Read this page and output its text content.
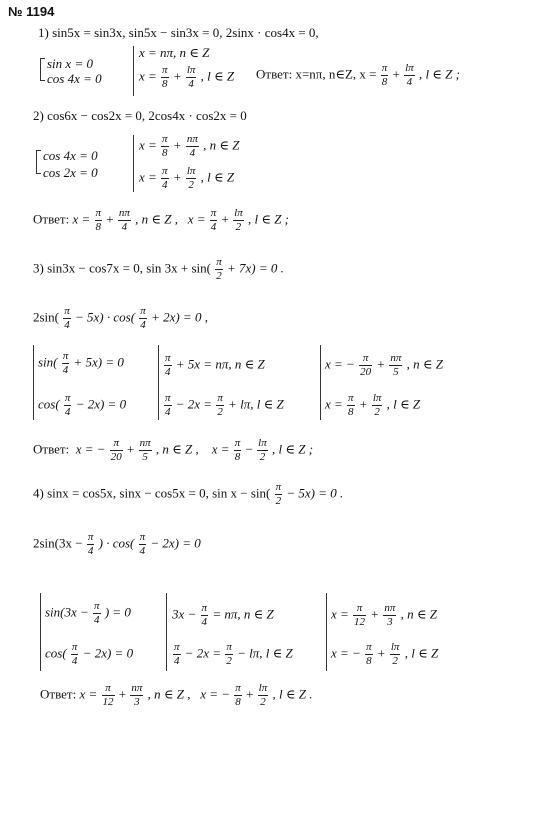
№ 1194
1) sin5x = sin3x, sin5x − sin3x = 0, 2sinx · cos4x = 0,
sin x = 0
cos 4x = 0
x = nπ, n ∈ Z
$x = \frac{\pi}{8} + \frac{l\pi}{4}$ , l ∈ Z Ответ: x=nπ, n∈Z, $x = \frac{\pi}{8} + \frac{l\pi}{4}$ , l ∈ Z ;
2) cos6x − cos2x = 0, 2cos4x · cos2x = 0
cos 4x = 0
cos 2x = 0
$x = \frac{\pi}{8} + \frac{n\pi}{4}$ , n ∈ Z
$x = \frac{\pi}{4} + \frac{l\pi}{2}$ , l ∈ Z
Ответ: $x = \frac{\pi}{8} + \frac{n\pi}{4}$ , n ∈ Z , $x = \frac{\pi}{4} + \frac{l\pi}{2}$ , l ∈ Z ;
3) sin3x − cos7x = 0, $\sin 3x + \sin( \frac{\pi}{2} + 7x) = 0$ .
$2\sin( \frac{\pi}{4} - 5x) \cdot \cos( \frac{\pi}{4} + 2x) = 0$ ,
$\sin( \frac{\pi}{4} + 5x) = 0$
$\cos( \frac{\pi}{4} - 2x) = 0$
$\frac{\pi}{4} + 5x = n\pi$, n ∈ Z
$\frac{\pi}{4} - 2x = \frac{\pi}{2} + l\pi$, l ∈ Z
x = − $\frac{\pi}{20} + \frac{n\pi}{5}$ , n ∈ Z
$x = \frac{\pi}{8} + \frac{l\pi}{2}$ , l ∈ Z
Ответ: x = − $\frac{\pi}{20} + \frac{n\pi}{5}$ , n ∈ Z , $x = \frac{\pi}{8} - \frac{l\pi}{2}$ , l ∈ Z ;
4) sinx = cos5x, sinx − cos5x = 0, $\sin x - \sin( \frac{\pi}{2} - 5x) = 0$ .
$2\sin(3x - \frac{\pi}{4}$ ) · $\cos( \frac{\pi}{4} - 2x) = 0$
$\sin(3x - \frac{\pi}{4}$ ) = 0
$\cos( \frac{\pi}{4} - 2x) = 0$
$3x - \frac{\pi}{4} = n\pi$, n ∈ Z
$\frac{\pi}{4} - 2x = \frac{\pi}{2} - l\pi$, l ∈ Z
$x = \frac{\pi}{12} + \frac{n\pi}{3}$ , n ∈ Z
x = − $\frac{\pi}{8} + \frac{l\pi}{2}$ , l ∈ Z
Ответ: $x = \frac{\pi}{12} + \frac{n\pi}{3}$ , n ∈ Z , x = − $\frac{\pi}{8} + \frac{l\pi}{2}$ , l ∈ Z .
